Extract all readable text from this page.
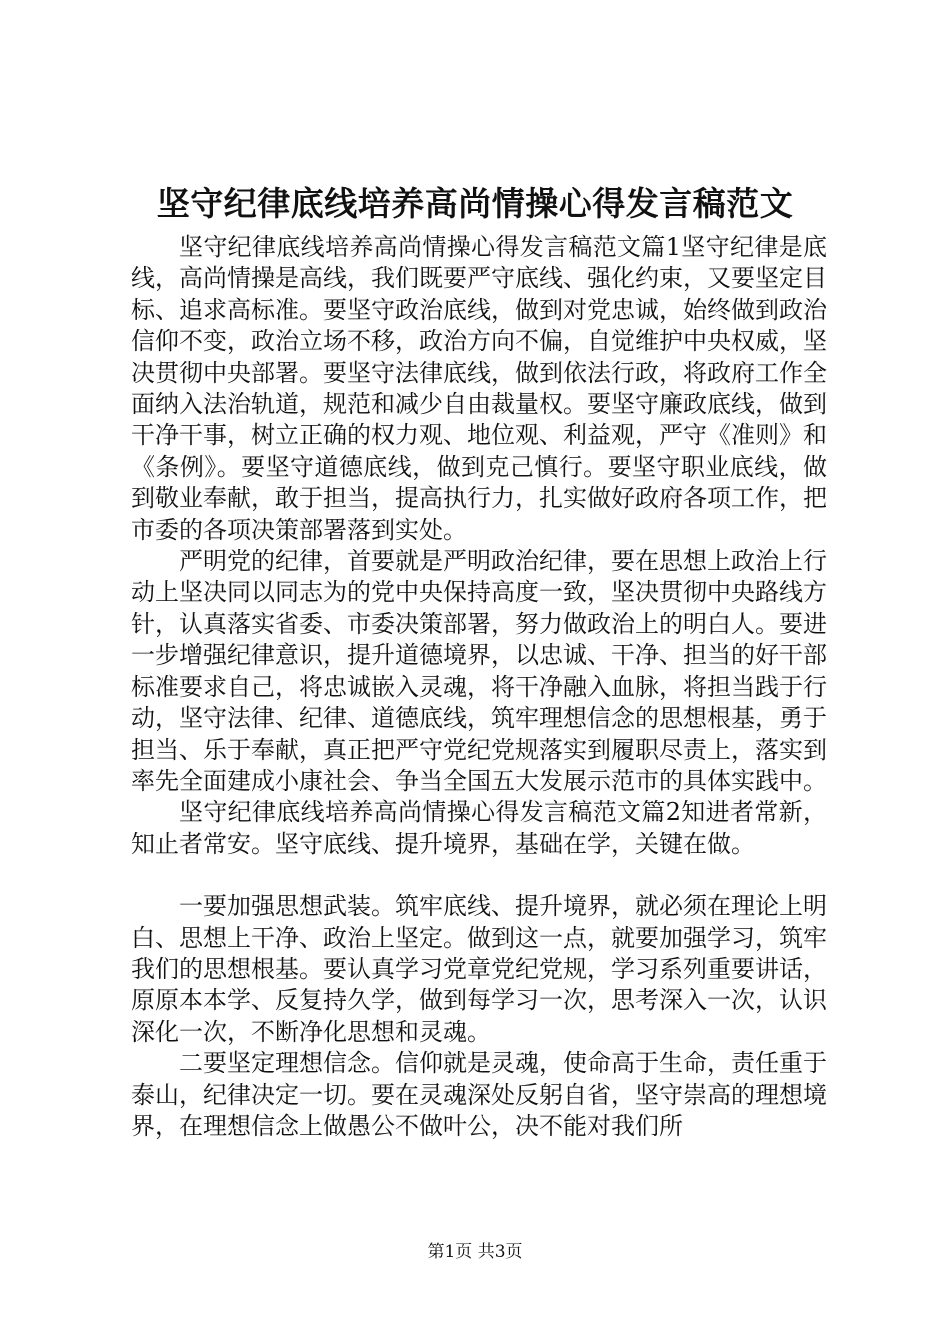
坚守纪律底线培养高尚情操心得发言稿范文

坚守纪律底线培养高尚情操心得发言稿范文篇1坚守纪律是底线，高尚情操是高线，我们既要严守底线、强化约束，又要坚定目标、追求高标准。要坚守政治底线，做到对党忠诚，始终做到政治信仰不变，政治立场不移，政治方向不偏，自觉维护中央权威，坚决贯彻中央部署。要坚守法律底线，做到依法行政，将政府工作全面纳入法治轨道，规范和减少自由裁量权。要坚守廉政底线，做到干净干事，树立正确的权力观、地位观、利益观，严守《准则》和《条例》。要坚守道德底线，做到克己慎行。要坚守职业底线，做到敬业奉献，敢于担当，提高执行力，扎实做好政府各项工作，把市委的各项决策部署落到实处。

严明党的纪律，首要就是严明政治纪律，要在思想上政治上行动上坚决同以同志为的党中央保持高度一致，坚决贯彻中央路线方针，认真落实省委、市委决策部署，努力做政治上的明白人。要进一步增强纪律意识，提升道德境界，以忠诚、干净、担当的好干部标准要求自己，将忠诚嵌入灵魂，将干净融入血脉，将担当践于行动，坚守法律、纪律、道德底线，筑牢理想信念的思想根基，勇于担当、乐于奉献，真正把严守党纪党规落实到履职尽责上，落实到率先全面建成小康社会、争当全国五大发展示范市的具体实践中。

坚守纪律底线培养高尚情操心得发言稿范文篇2知进者常新，知止者常安。坚守底线、提升境界，基础在学，关键在做。

一要加强思想武装。筑牢底线、提升境界，就必须在理论上明白、思想上干净、政治上坚定。做到这一点，就要加强学习，筑牢我们的思想根基。要认真学习党章党纪党规，学习系列重要讲话，原原本本学、反复持久学，做到每学习一次，思考深入一次，认识深化一次，不断净化思想和灵魂。

二要坚定理想信念。信仰就是灵魂，使命高于生命，责任重于泰山，纪律决定一切。要在灵魂深处反躬自省，坚守崇高的理想境界，在理想信念上做愚公不做叶公，决不能对我们所

第1页 共3页
